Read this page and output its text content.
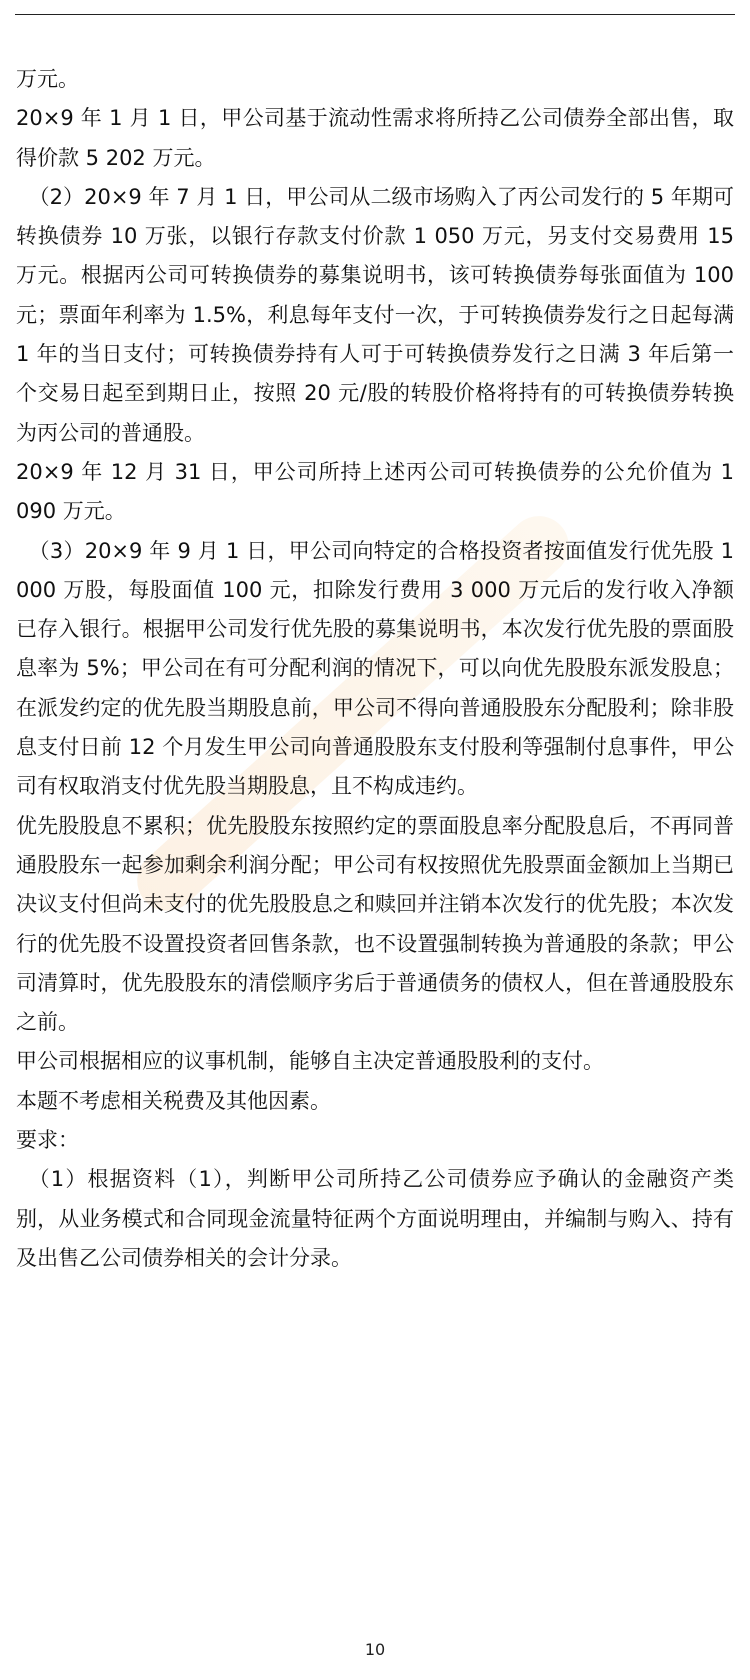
万元。

20×9 年 1 月 1 日，甲公司基于流动性需求将所持乙公司债券全部出售，取得价款 5 202 万元。

（2）20×9 年 7 月 1 日，甲公司从二级市场购入了丙公司发行的 5 年期可转换债券 10 万张，以银行存款支付价款 1 050 万元，另支付交易费用 15 万元。根据丙公司可转换债券的募集说明书，该可转换债券每张面值为 100 元；票面年利率为 1.5%，利息每年支付一次，于可转换债券发行之日起每满 1 年的当日支付；可转换债券持有人可于可转换债券发行之日满 3 年后第一个交易日起至到期日止，按照 20 元/股的转股价格将持有的可转换债券转换为丙公司的普通股。

20×9 年 12 月 31 日，甲公司所持上述丙公司可转换债券的公允价值为 1 090 万元。

（3）20×9 年 9 月 1 日，甲公司向特定的合格投资者按面值发行优先股 1 000 万股，每股面值 100 元，扣除发行费用 3 000 万元后的发行收入净额已存入银行。根据甲公司发行优先股的募集说明书，本次发行优先股的票面股息率为 5%；甲公司在有可分配利润的情况下，可以向优先股股东派发股息；在派发约定的优先股当期股息前，甲公司不得向普通股股东分配股利；除非股息支付日前 12 个月发生甲公司向普通股股东支付股利等强制付息事件，甲公司有权取消支付优先股当期股息，且不构成违约。

优先股股息不累积；优先股股东按照约定的票面股息率分配股息后，不再同普通股股东一起参加剩余利润分配；甲公司有权按照优先股票面金额加上当期已决议支付但尚未支付的优先股股息之和赎回并注销本次发行的优先股；本次发行的优先股不设置投资者回售条款，也不设置强制转换为普通股的条款；甲公司清算时，优先股股东的清偿顺序劣后于普通债务的债权人，但在普通股股东之前。

甲公司根据相应的议事机制，能够自主决定普通股股利的支付。

本题不考虑相关税费及其他因素。

要求：

（1）根据资料（1），判断甲公司所持乙公司债券应予确认的金融资产类别，从业务模式和合同现金流量特征两个方面说明理由，并编制与购入、持有及出售乙公司债券相关的会计分录。

10
